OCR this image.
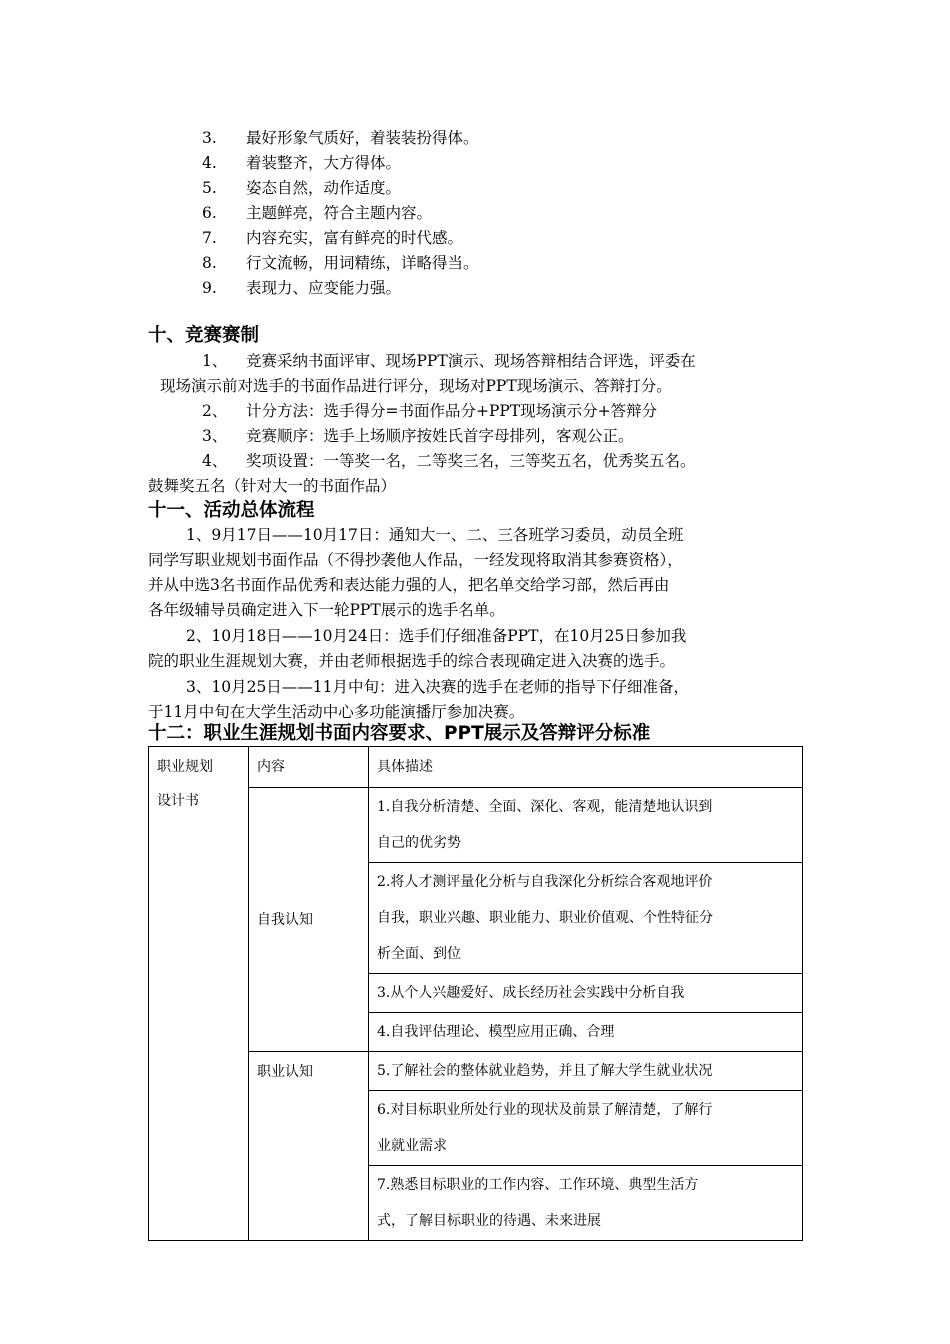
3. 最好形象气质好，着装装扮得体。
4. 着装整齐，大方得体。
5. 姿态自然，动作适度。
6. 主题鲜亮，符合主题内容。
7. 内容充实，富有鲜亮的时代感。
8. 行文流畅，用词精练，详略得当。
9. 表现力、应变能力强。
十、竞赛赛制
1、 竞赛采纳书面评审、现场PPT演示、现场答辩相结合评选，评委在
现场演示前对选手的书面作品进行评分，现场对PPT现场演示、答辩打分。
2、 计分方法：选手得分=书面作品分+PPT现场演示分+答辩分
3、 竞赛顺序：选手上场顺序按姓氏首字母排列，客观公正。
4、 奖项设置：一等奖一名，二等奖三名，三等奖五名，优秀奖五名。
鼓舞奖五名（针对大一的书面作品）
十一、活动总体流程
1、9月17日——10月17日：通知大一、二、三各班学习委员，动员全班
同学写职业规划书面作品（不得抄袭他人作品，一经发现将取消其参赛资格），
并从中选3名书面作品优秀和表达能力强的人，把名单交给学习部，然后再由
各年级辅导员确定进入下一轮PPT展示的选手名单。
2、10月18日——10月24日：选手们仔细准备PPT，在10月25日参加我
院的职业生涯规划大赛，并由老师根据选手的综合表现确定进入决赛的选手。
3、10月25日——11月中旬：进入决赛的选手在老师的指导下仔细准备，
于11月中旬在大学生活动中心多功能演播厅参加决赛。
十二：职业生涯规划书面内容要求、PPT展示及答辩评分标准
职业规划
设计书	内容	具体描述
	自我认知	1.自我分析清楚、全面、深化、客观，能清楚地认识到
自己的优劣势

		2.将人才测评量化分析与自我深化分析综合客观地评价
自我，职业兴趣、职业能力、职业价值观、个性特征分
析全面、到位

		3.从个人兴趣爱好、成长经历社会实践中分析自我

		4.自我评估理论、模型应用正确、合理

	职业认知	5.了解社会的整体就业趋势，并且了解大学生就业状况

		6.对目标职业所处行业的现状及前景了解清楚，了解行
业就业需求

		7.熟悉目标职业的工作内容、工作环境、典型生活方
式，了解目标职业的待遇、未来进展
